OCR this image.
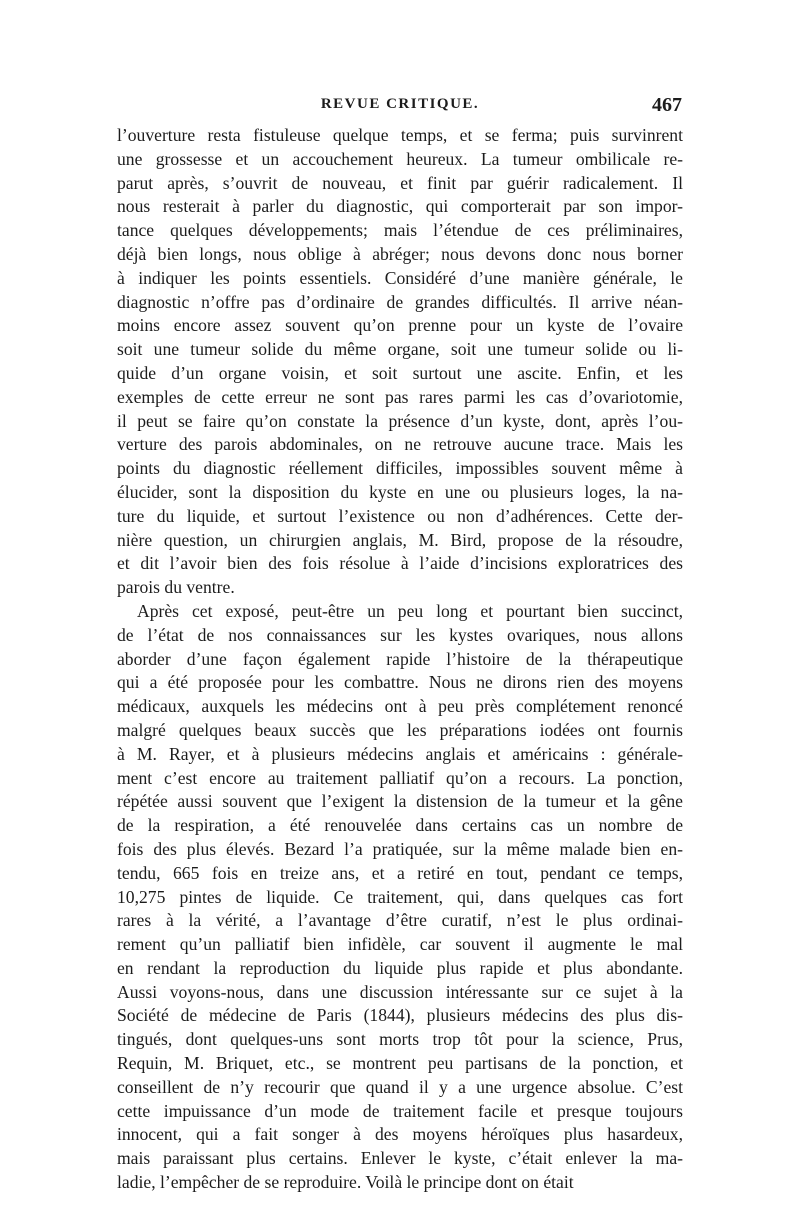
REVUE CRITIQUE.	467
l’ouverture resta fistuleuse quelque temps, et se ferma; puis survinrent
une grossesse et un accouchement heureux. La tumeur ombilicale re-
parut après, s’ouvrit de nouveau, et finit par guérir radicalement. Il
nous resterait à parler du diagnostic, qui comporterait par son impor-
tance quelques développements; mais l’étendue de ces préliminaires,
déjà bien longs, nous oblige à abréger; nous devons donc nous borner
à indiquer les points essentiels. Considéré d’une manière générale, le
diagnostic n’offre pas d’ordinaire de grandes difficultés. Il arrive néan-
moins encore assez souvent qu’on prenne pour un kyste de l’ovaire
soit une tumeur solide du même organe, soit une tumeur solide ou li-
quide d’un organe voisin, et soit surtout une ascite. Enfin, et les
exemples de cette erreur ne sont pas rares parmi les cas d’ovariotomie,
il peut se faire qu’on constate la présence d’un kyste, dont, après l’ou-
verture des parois abdominales, on ne retrouve aucune trace. Mais les
points du diagnostic réellement difficiles, impossibles souvent même à
élucider, sont la disposition du kyste en une ou plusieurs loges, la na-
ture du liquide, et surtout l’existence ou non d’adhérences. Cette der-
nière question, un chirurgien anglais, M. Bird, propose de la résoudre,
et dit l’avoir bien des fois résolue à l’aide d’incisions exploratrices des
parois du ventre.
Après cet exposé, peut-être un peu long et pourtant bien succinct,
de l’état de nos connaissances sur les kystes ovariques, nous allons
aborder d’une façon également rapide l’histoire de la thérapeutique
qui a été proposée pour les combattre. Nous ne dirons rien des moyens
médicaux, auxquels les médecins ont à peu près complétement renoncé
malgré quelques beaux succès que les préparations iodées ont fournis
à M. Rayer, et à plusieurs médecins anglais et américains : générale-
ment c’est encore au traitement palliatif qu’on a recours. La ponction,
répétée aussi souvent que l’exigent la distension de la tumeur et la gêne
de la respiration, a été renouvelée dans certains cas un nombre de
fois des plus élevés. Bezard l’a pratiquée, sur la même malade bien en-
tendu, 665 fois en treize ans, et a retiré en tout, pendant ce temps,
10,275 pintes de liquide. Ce traitement, qui, dans quelques cas fort
rares à la vérité, a l’avantage d’être curatif, n’est le plus ordinai-
rement qu’un palliatif bien infidèle, car souvent il augmente le mal
en rendant la reproduction du liquide plus rapide et plus abondante.
Aussi voyons-nous, dans une discussion intéressante sur ce sujet à la
Société de médecine de Paris (1844), plusieurs médecins des plus dis-
tingués, dont quelques-uns sont morts trop tôt pour la science, Prus,
Requin, M. Briquet, etc., se montrent peu partisans de la ponction, et
conseillent de n’y recourir que quand il y a une urgence absolue. C’est
cette impuissance d’un mode de traitement facile et presque toujours
innocent, qui a fait songer à des moyens héroïques plus hasardeux,
mais paraissant plus certains. Enlever le kyste, c’était enlever la ma-
ladie, l’empêcher de se reproduire. Voilà le principe dont on était
